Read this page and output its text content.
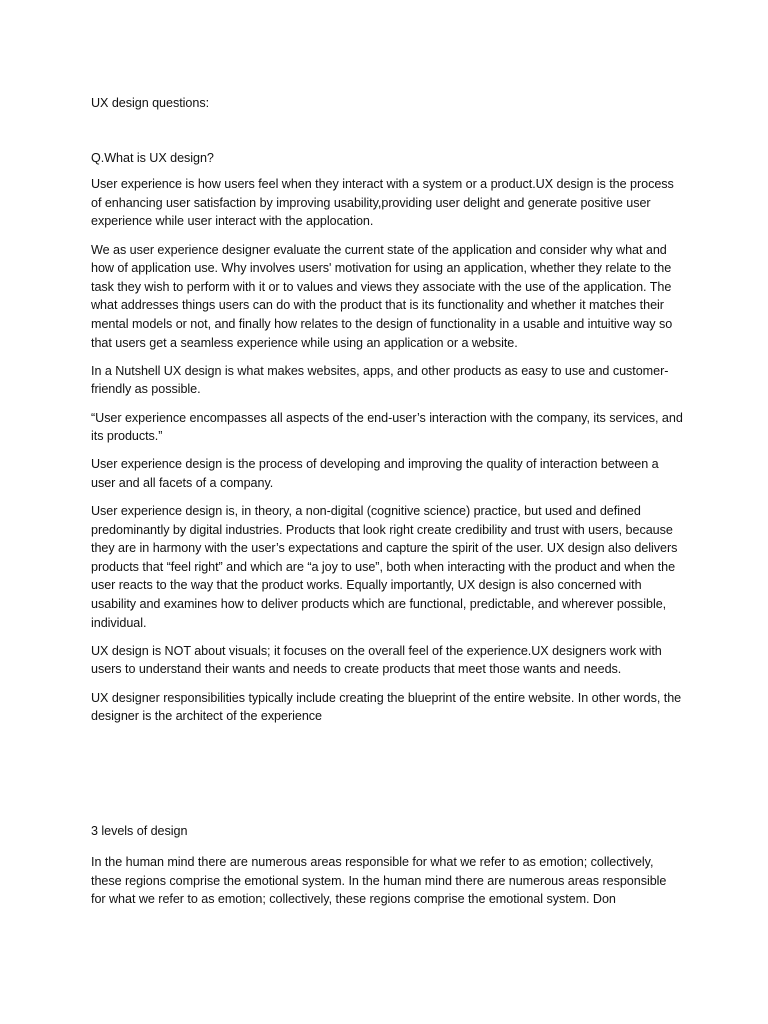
UX design questions:

Q.What is UX design?

User experience is how users feel when they interact with a system or a product.UX design is the process of enhancing user satisfaction by improving usability,providing user delight and generate positive user experience while user interact with the applocation.

We as user experience designer evaluate the current state of the application and consider why what and how of application use. Why involves users' motivation for using an application, whether they relate to the task they wish to perform with it or to values and views they associate with the use of the application. The what addresses things users can do with the product that is its functionality and whether it matches their mental models or not, and finally how relates to the design of functionality in a usable and intuitive way so that users get a seamless experience while using an application or a website.

In a Nutshell UX design is what makes websites, apps, and other products as easy to use and customer-friendly as possible.

“User experience encompasses all aspects of the end-user’s interaction with the company, its services, and its products.”

User experience design is the process of developing and improving the quality of interaction between a user and all facets of a company.

User experience design is, in theory, a non-digital (cognitive science) practice, but used and defined predominantly by digital industries. Products that look right create credibility and trust with users, because they are in harmony with the user’s expectations and capture the spirit of the user. UX design also delivers products that “feel right” and which are “a joy to use”, both when interacting with the product and when the user reacts to the way that the product works. Equally importantly, UX design is also concerned with usability and examines how to deliver products which are functional, predictable, and wherever possible, individual.

UX design is NOT about visuals; it focuses on the overall feel of the experience.UX designers work with users to understand their wants and needs to create products that meet those wants and needs.

UX designer responsibilities typically include creating the blueprint of the entire website. In other words, the designer is the architect of the experience

3 levels of design

In the human mind there are numerous areas responsible for what we refer to as emotion; collectively, these regions comprise the emotional system. In the human mind there are numerous areas responsible for what we refer to as emotion; collectively, these regions comprise the emotional system. Don
